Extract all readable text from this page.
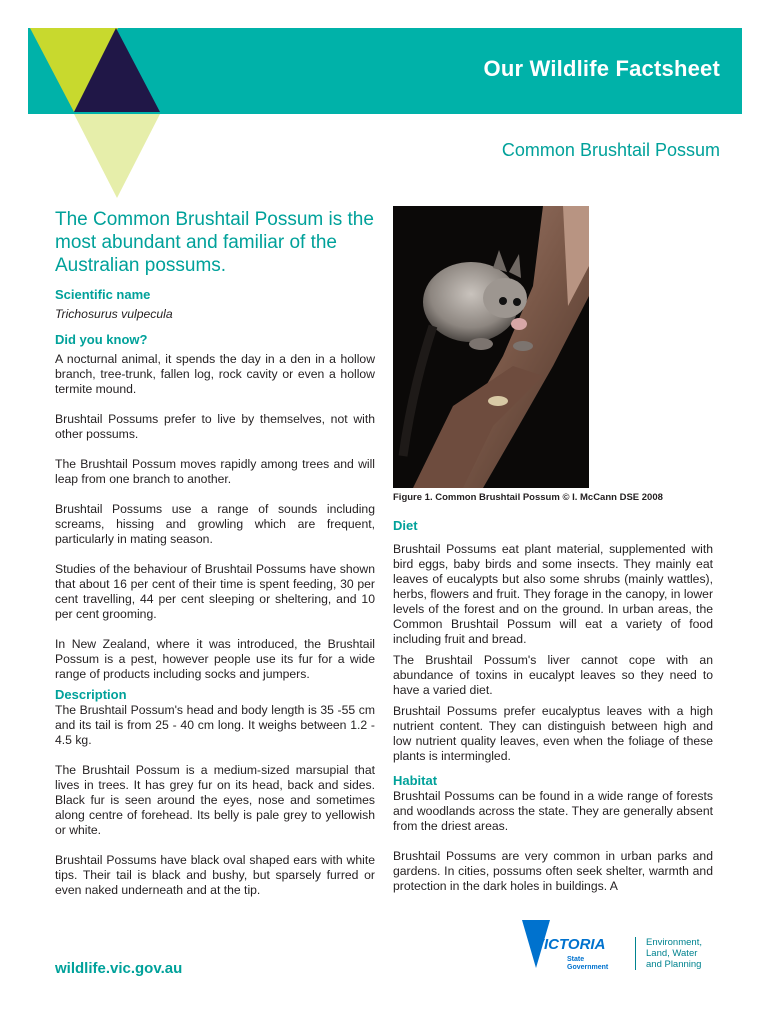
Our Wildlife Factsheet
Common Brushtail Possum
The Common Brushtail Possum is the most abundant and familiar of the Australian possums.
Scientific name
Trichosurus vulpecula
Did you know?

A nocturnal animal, it spends the day in a den in a hollow branch, tree-trunk, fallen log, rock cavity or even a hollow termite mound.

Brushtail Possums prefer to live by themselves, not with other possums.

The Brushtail Possum moves rapidly among trees and will leap from one branch to another.

Brushtail Possums use a range of sounds including screams, hissing and growling which are frequent, particularly in mating season.

Studies of the behaviour of Brushtail Possums have shown that about 16 per cent of their time is spent feeding, 30 per cent travelling, 44 per cent sleeping or sheltering, and 10 per cent grooming.

In New Zealand, where it was introduced, the Brushtail Possum is a pest, however people use its fur for a wide range of products including socks and jumpers.

Description

The Brushtail Possum's head and body length is 35 -55 cm and its tail is from 25 - 40 cm long. It weighs between 1.2 - 4.5 kg.

The Brushtail Possum is a medium-sized marsupial that lives in trees. It has grey fur on its head, back and sides. Black fur is seen around the eyes, nose and sometimes along centre of forehead. Its belly is pale grey to yellowish or white.

Brushtail Possums have black oval shaped ears with white tips. Their tail is black and bushy, but sparsely furred or even naked underneath and at the tip.

Figure 1. Common Brushtail Possum © I. McCann DSE 2008
Diet

Brushtail Possums eat plant material, supplemented with bird eggs, baby birds and some insects. They mainly eat leaves of eucalypts but also some shrubs (mainly wattles), herbs, flowers and fruit. They forage in the canopy, in lower levels of the forest and on the ground. In urban areas, the Common Brushtail Possum will eat a variety of food including fruit and bread.

The Brushtail Possum's liver cannot cope with an abundance of toxins in eucalypt leaves so they need to have a varied diet.

Brushtail Possums prefer eucalyptus leaves with a high nutrient content. They can distinguish between high and low nutrient quality leaves, even when the foliage of these plants is intermingled.

Habitat

Brushtail Possums can be found in a wide range of forests and woodlands across the state. They are generally absent from the driest areas.

Brushtail Possums are very common in urban parks and gardens. In cities, possums often seek shelter, warmth and protection in the dark holes in buildings. A

wildlife.vic.gov.au
VICTORIA
State
Government
Environment,
Land, Water
and Planning
